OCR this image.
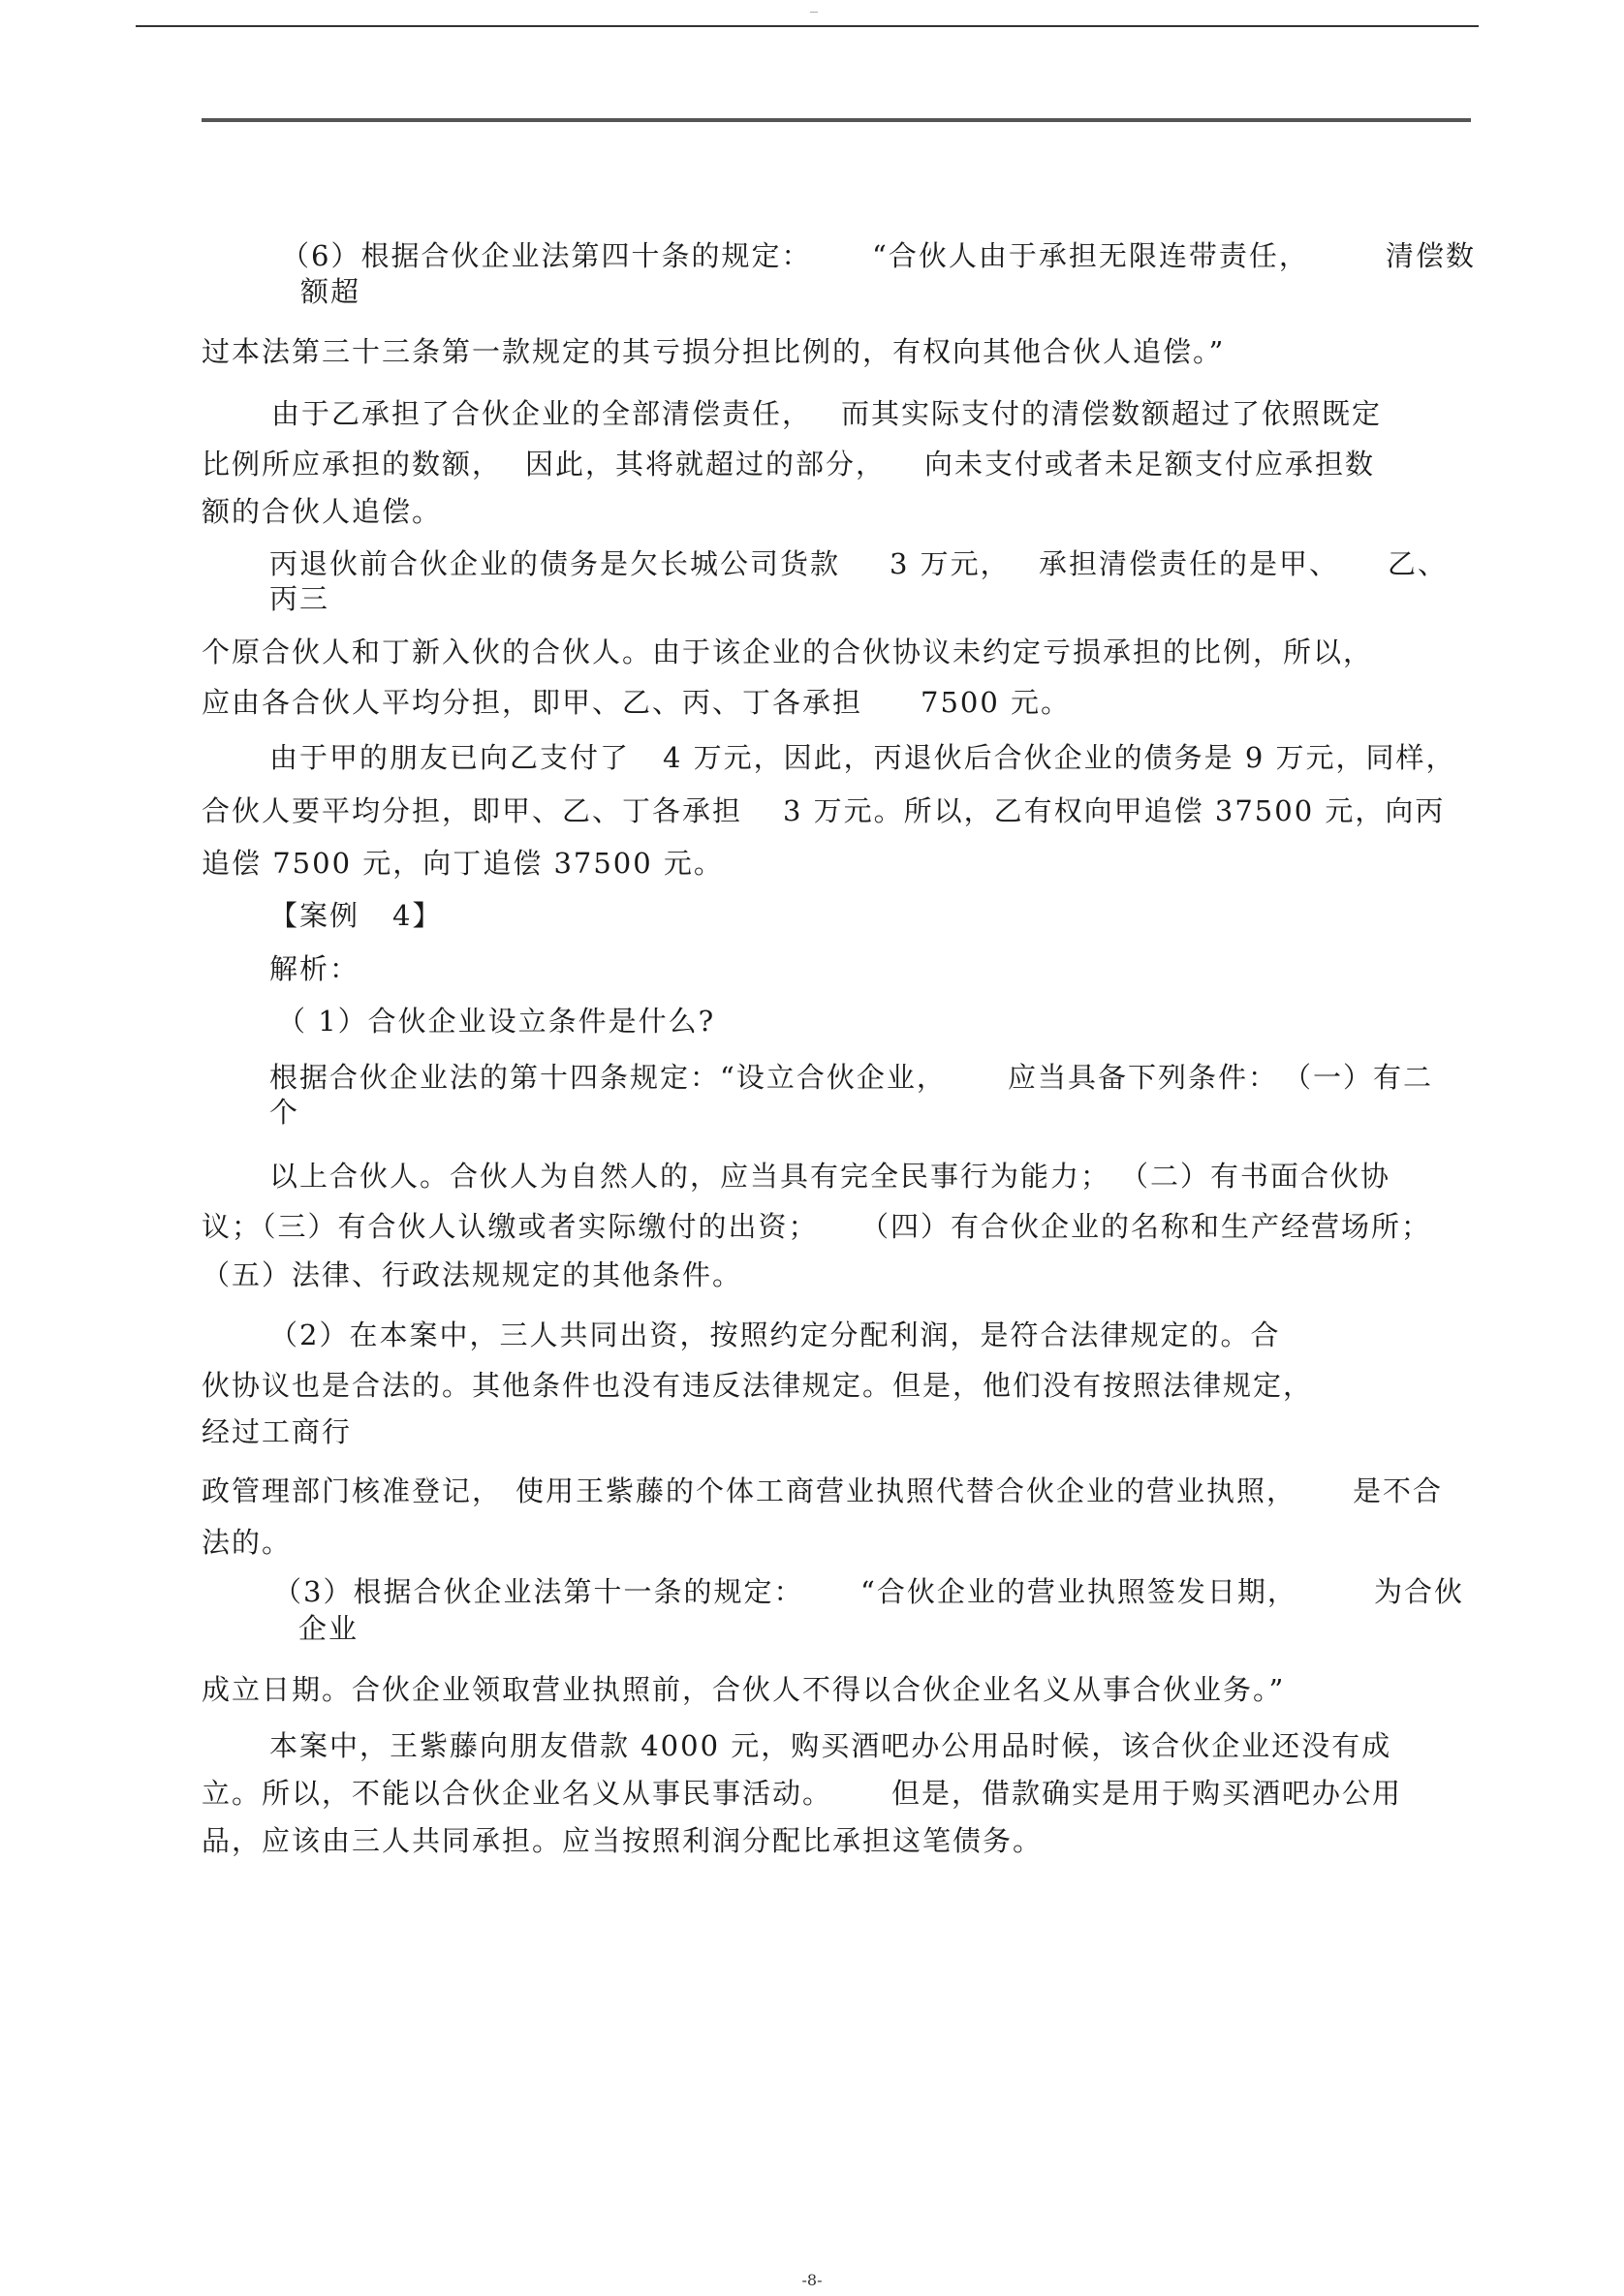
—
（6）根据合伙企业法第四十条的规定： “合伙人由于承担无限连带责任，	清偿数
额超
过本法第三十三条第一款规定的其亏损分担比例的，有权向其他合伙人追偿。”
由于乙承担了合伙企业的全部清偿责任， 而其实际支付的清偿数额超过了依照既定
比例所应承担的数额， 因此，其将就超过的部分， 向未支付或者未足额支付应承担数
额的合伙人追偿。
丙退伙前合伙企业的债务是欠长城公司货款 3 万元， 承担清偿责任的是甲、 乙、
丙三
个原合伙人和丁新入伙的合伙人。由于该企业的合伙协议未约定亏损承担的比例，所以，
应由各合伙人平均分担，即甲、乙、丙、丁各承担 7500 元。
由于甲的朋友已向乙支付了 4 万元，因此，丙退伙后合伙企业的债务是 9 万元，同样，
合伙人要平均分担，即甲、乙、丁各承担 3 万元。所以，乙有权向甲追偿 37500 元，向丙
追偿 7500 元，向丁追偿 37500 元。
【案例 4】
解析：
（ 1）合伙企业设立条件是什么?
根据合伙企业法的第十四条规定：“设立合伙企业， 应当具备下列条件： （一）有二
个
以上合伙人。合伙人为自然人的，应当具有完全民事行为能力； （二）有书面合伙协
议；（三）有合伙人认缴或者实际缴付的出资； （四）有合伙企业的名称和生产经营场所；
（五）法律、行政法规规定的其他条件。
（2）在本案中，三人共同出资，按照约定分配利润，是符合法律规定的。合
伙协议也是合法的。其他条件也没有违反法律规定。但是，他们没有按照法律规定，
经过工商行
政管理部门核准登记， 使用王紫藤的个体工商营业执照代替合伙企业的营业执照， 是不合
法的。
（3）根据合伙企业法第十一条的规定： “合伙企业的营业执照签发日期，	为合伙
企业
成立日期。合伙企业领取营业执照前，合伙人不得以合伙企业名义从事合伙业务。”
本案中，王紫藤向朋友借款 4000 元，购买酒吧办公用品时候，该合伙企业还没有成
立。所以，不能以合伙企业名义从事民事活动。 但是，借款确实是用于购买酒吧办公用
品，应该由三人共同承担。应当按照利润分配比承担这笔债务。
-8-
